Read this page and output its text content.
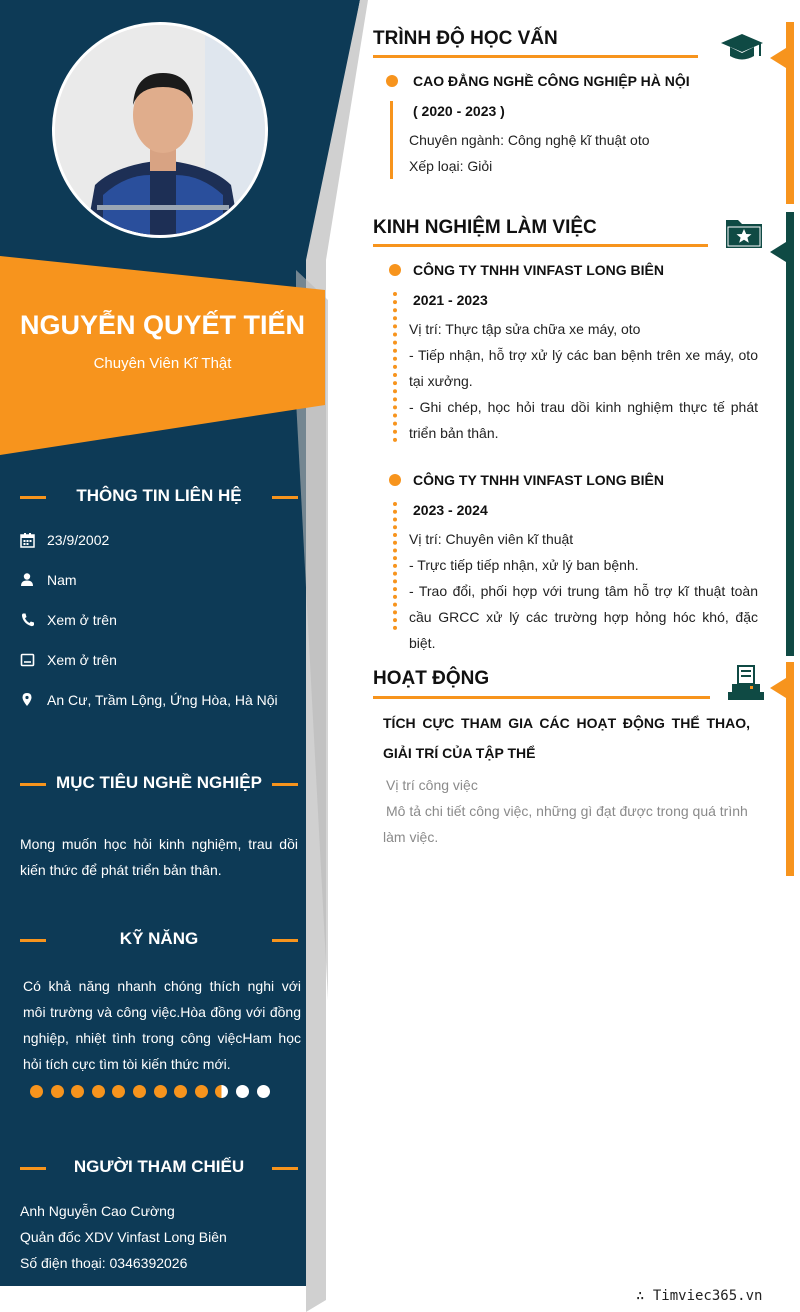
NGUYỄN QUYẾT TIẾN
Chuyên Viên Kĩ Thật
THÔNG TIN LIÊN HỆ
23/9/2002
Nam
Xem ở trên
Xem ở trên
An Cư, Trầm Lộng, Ứng Hòa, Hà Nội
MỤC TIÊU NGHỀ NGHIỆP
Mong muốn học hỏi kinh nghiệm, trau dồi kiến thức để phát triển bản thân.
KỸ NĂNG
Có khả năng nhanh chóng thích nghi với môi trường và công việc.Hòa đồng với đồng nghiệp, nhiệt tình trong công việcHam học hỏi tích cực tìm tòi kiến thức mới.
NGƯỜI THAM CHIẾU
Anh Nguyễn Cao Cường
Quản đốc XDV Vinfast Long Biên
Số điện thoại: 0346392026
TRÌNH ĐỘ HỌC VẤN
CAO ĐẲNG NGHỀ CÔNG NGHIỆP HÀ NỘI
( 2020 - 2023 )
Chuyên ngành: Công nghệ kĩ thuật oto
Xếp loại: Giỏi
KINH NGHIỆM LÀM VIỆC
CÔNG TY TNHH VINFAST LONG BIÊN
2021 - 2023
Vị trí: Thực tập sửa chữa xe máy, oto
- Tiếp nhận, hỗ trợ xử lý các ban bệnh trên xe máy, oto tại xưởng.
- Ghi chép, học hỏi trau dồi kinh nghiệm thực tế phát triển bản thân.
CÔNG TY TNHH VINFAST LONG BIÊN
2023 - 2024
Vị trí: Chuyên viên kĩ thuật
- Trực tiếp tiếp nhận, xử lý ban bệnh.
- Trao đổi, phối hợp với trung tâm hỗ trợ kĩ thuật toàn cầu GRCC xử lý các trường hợp hỏng hóc khó, đặc biệt.
HOẠT ĐỘNG
TÍCH CỰC THAM GIA CÁC HOẠT ĐỘNG THỂ THAO, GIẢI TRÍ CỦA TẬP THỂ
Vị trí công việc
Mô tả chi tiết công việc, những gì đạt được trong quá trình làm việc.
∴ Timviec365.vn
